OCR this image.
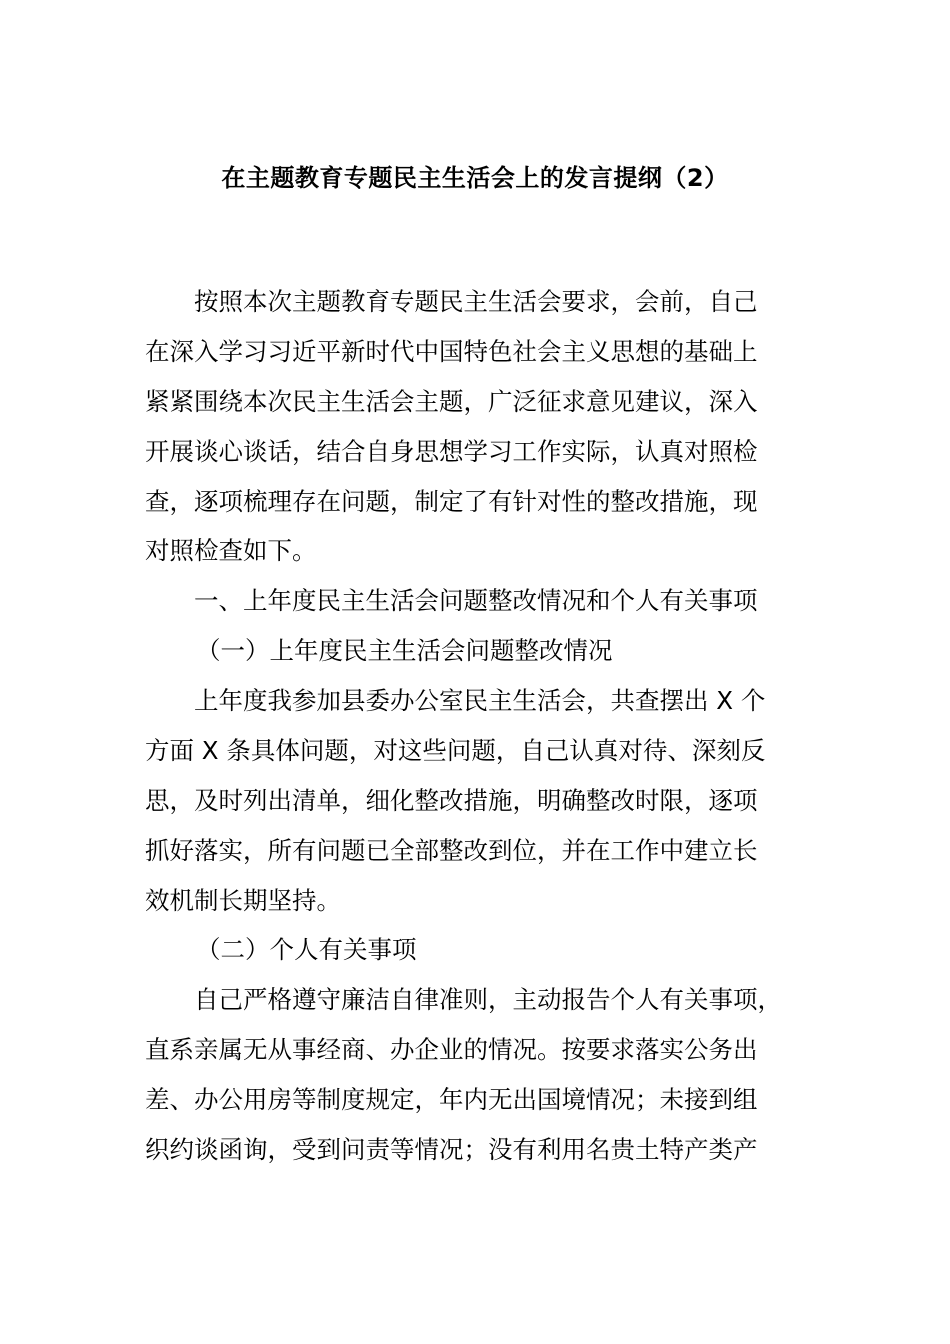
在主题教育专题民主生活会上的发言提纲（2）
按照本次主题教育专题民主生活会要求，会前，自己
在深入学习习近平新时代中国特色社会主义思想的基础上
紧紧围绕本次民主生活会主题，广泛征求意见建议，深入
开展谈心谈话，结合自身思想学习工作实际，认真对照检
查，逐项梳理存在问题，制定了有针对性的整改措施，现
对照检查如下。
一、上年度民主生活会问题整改情况和个人有关事项
（一）上年度民主生活会问题整改情况
上年度我参加县委办公室民主生活会，共查摆出 X 个
方面 X 条具体问题，对这些问题，自己认真对待、深刻反
思，及时列出清单，细化整改措施，明确整改时限，逐项
抓好落实，所有问题已全部整改到位，并在工作中建立长
效机制长期坚持。
（二）个人有关事项
自己严格遵守廉洁自律准则，主动报告个人有关事项，
直系亲属无从事经商、办企业的情况。按要求落实公务出
差、办公用房等制度规定，年内无出国境情况；未接到组
织约谈函询，受到问责等情况；没有利用名贵土特产类产
